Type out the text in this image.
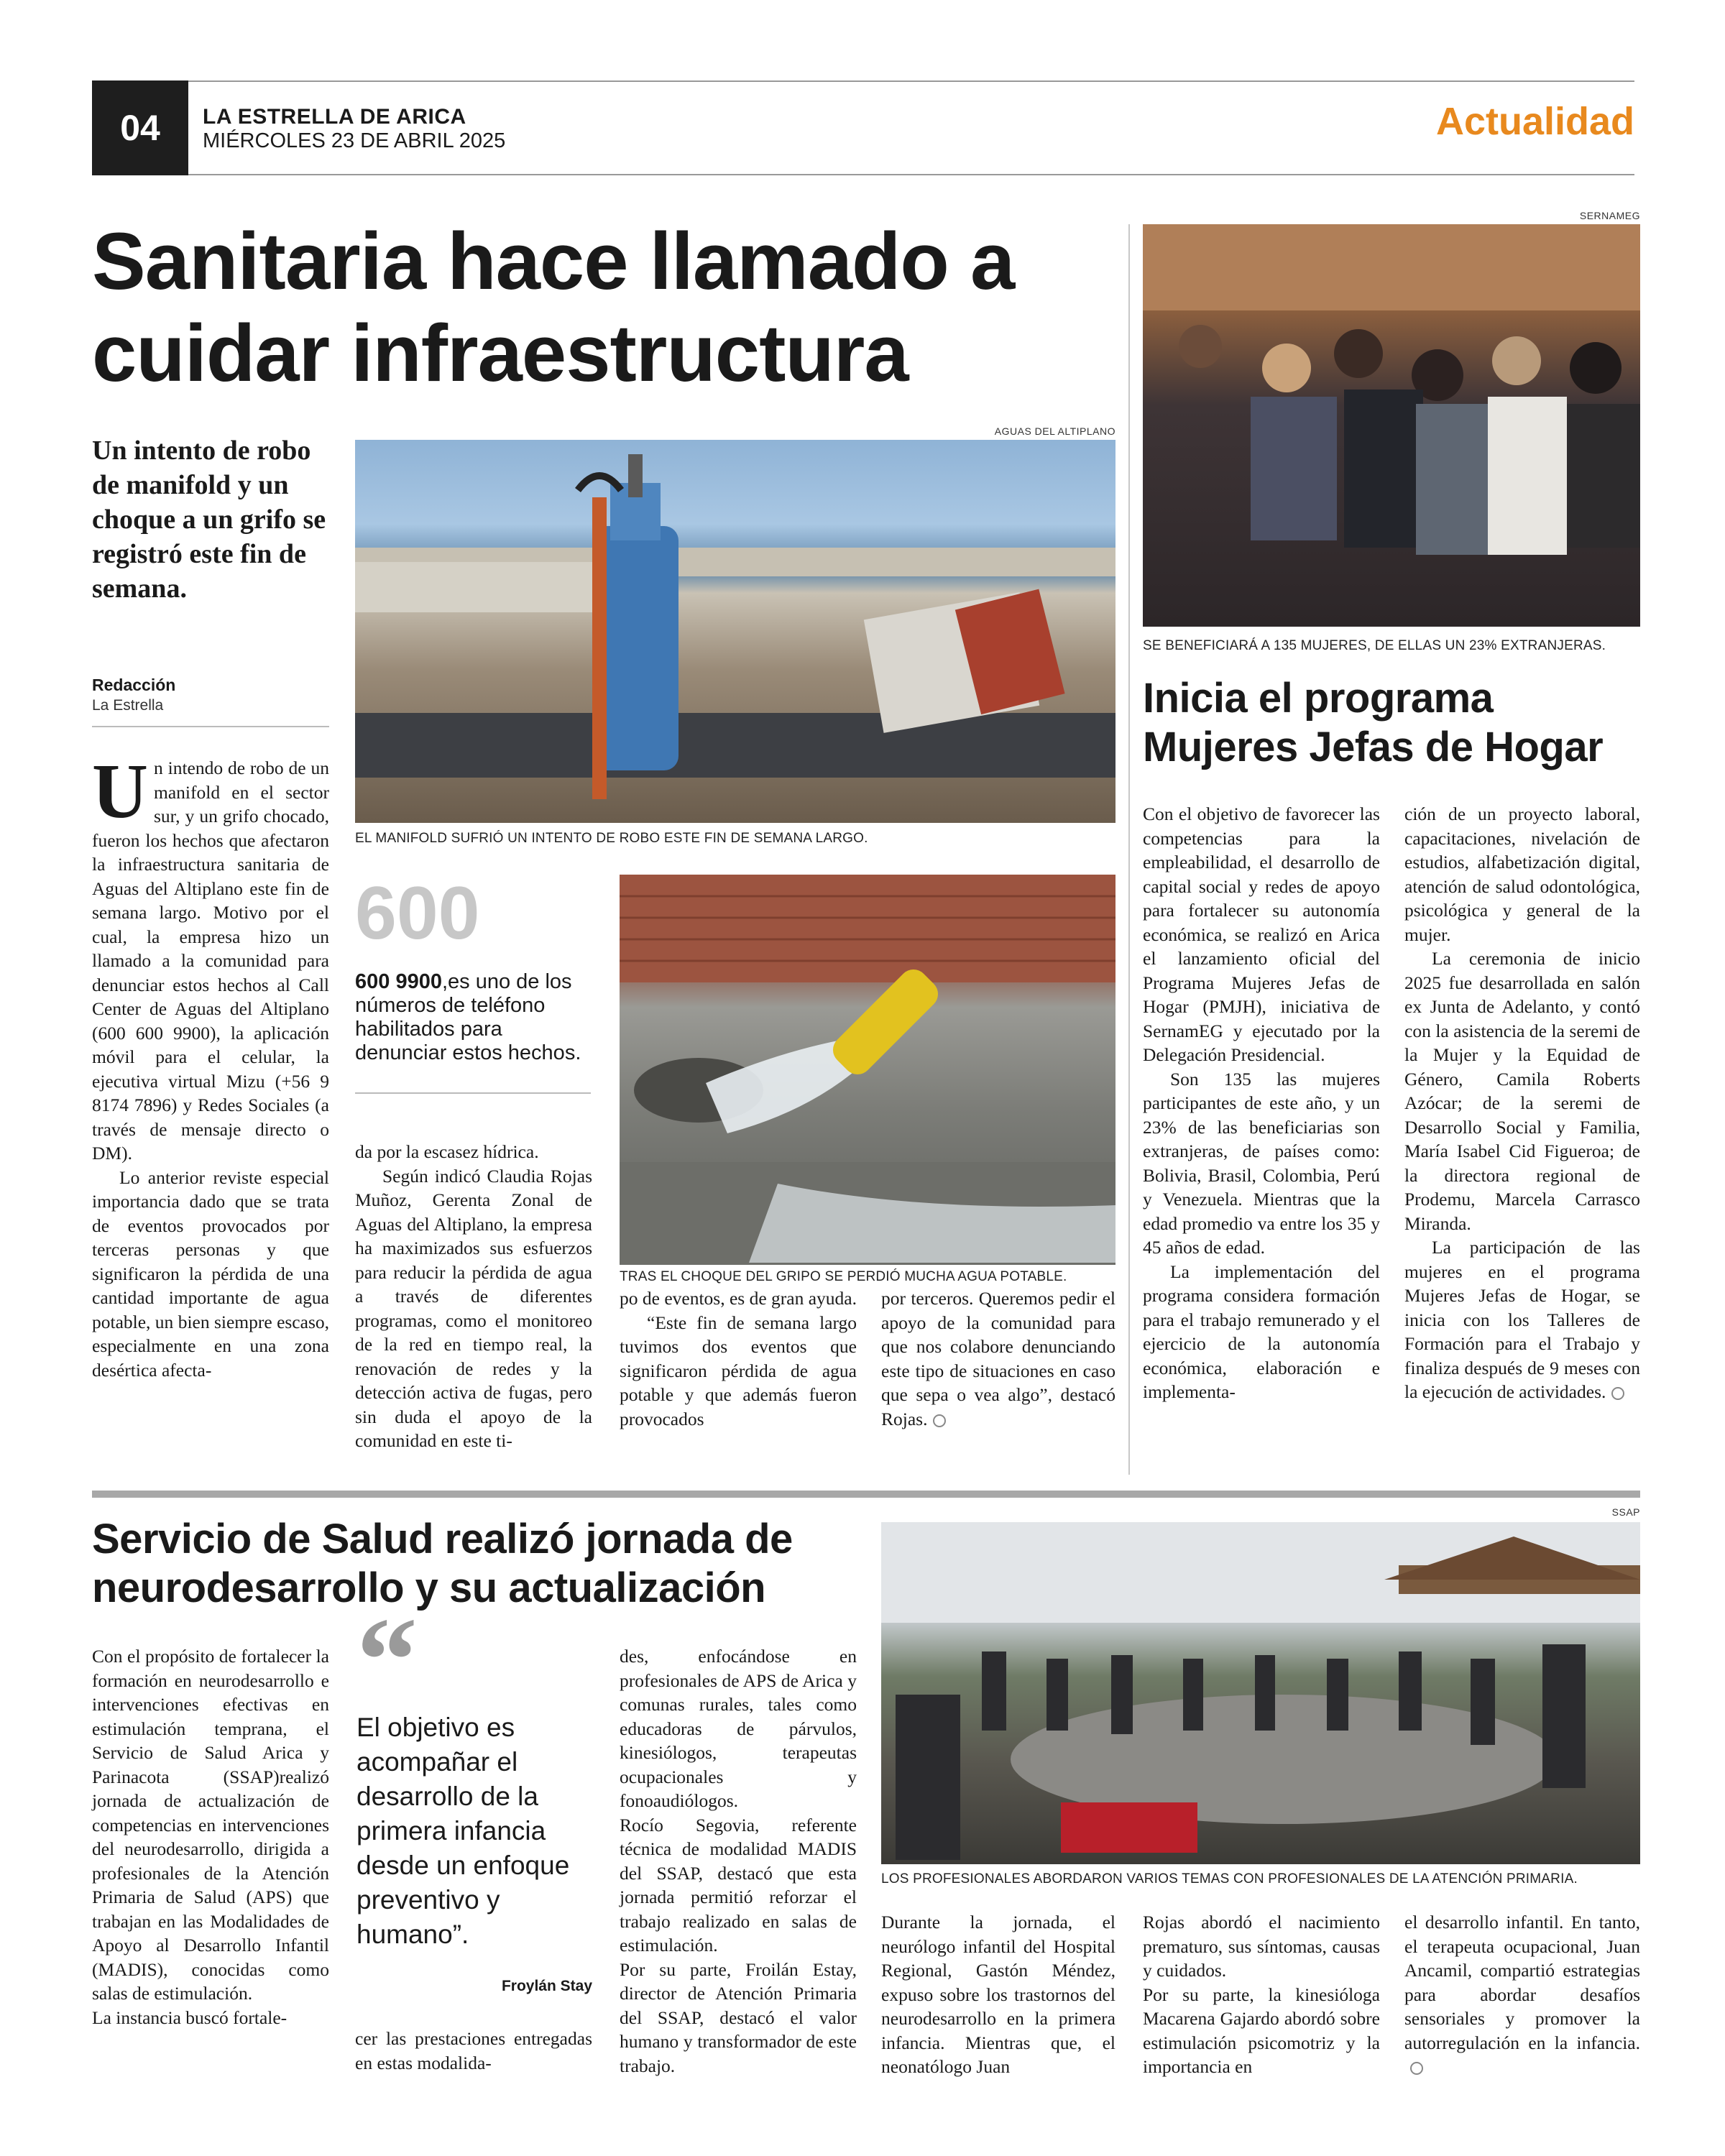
04	LA ESTRELLA DE ARICA
MIÉRCOLES 23 DE ABRIL 2025	Actualidad
Sanitaria hace llamado a cuidar infraestructura
Un intento de robo de manifold y un choque a un grifo se registró este fin de semana.
Redacción
La Estrella
AGUAS DEL ALTIPLANO
EL MANIFOLD SUFRIÓ UN INTENTO DE ROBO ESTE FIN DE SEMANA LARGO.
600
600 9900,es uno de los números de teléfono habilitados para denunciar estos hechos.
TRAS EL CHOQUE DEL GRIPO SE PERDIÓ MUCHA AGUA POTABLE.

Un intendo de robo de un manifold en el sector sur, y un grifo chocado, fueron los hechos que afectaron la infraestructura sanitaria de Aguas del Altiplano este fin de semana largo. Motivo por el cual, la empresa hizo un llamado a la comunidad para denunciar estos hechos al Call Center de Aguas del Altiplano (600 600 9900), la aplicación móvil para el celular, la ejecutiva virtual Mizu (+56 9 8174 7896) y Redes Sociales (a través de mensaje directo o DM).

Lo anterior reviste especial importancia dado que se trata de eventos provocados por terceras personas y que significaron la pérdida de una cantidad importante de agua potable, un bien siempre escaso, especialmente en una zona desértica afecta-

da por la escasez hídrica.

Según indicó Claudia Rojas Muñoz, Gerenta Zonal de Aguas del Altiplano, la empresa ha maximizados sus esfuerzos para reducir la pérdida de agua a través de diferentes programas, como el monitoreo de la red en tiempo real, la renovación de redes y la detección activa de fugas, pero sin duda el apoyo de la comunidad en este ti-

po de eventos, es de gran ayuda.

“Este fin de semana largo tuvimos dos eventos que significaron pérdida de agua potable y que además fueron provocados

por terceros. Queremos pedir el apoyo de la comunidad para que nos colabore denunciando este tipo de situaciones en caso que sepa o vea algo”, destacó Rojas.

SERNAMEG
SE BENEFICIARÁ A 135 MUJERES, DE ELLAS UN 23% EXTRANJERAS.
Inicia el programa Mujeres Jefas de Hogar

Con el objetivo de favorecer las competencias para la empleabilidad, el desarrollo de capital social y redes de apoyo para fortalecer su autonomía económica, se realizó en Arica el lanzamiento oficial del Programa Mujeres Jefas de Hogar (PMJH), iniciativa de SernamEG y ejecutado por la Delegación Presidencial.

Son 135 las mujeres participantes de este año, y un 23% de las beneficiarias son extranjeras, de países como: Bolivia, Brasil, Colombia, Perú y Venezuela. Mientras que la edad promedio va entre los 35 y 45 años de edad.

La implementación del programa considera formación para el trabajo remunerado y el ejercicio de la autonomía económica, elaboración e implementa-

ción de un proyecto laboral, capacitaciones, nivelación de estudios, alfabetización digital, atención de salud odontológica, psicológica y general de la mujer.

La ceremonia de inicio 2025 fue desarrollada en salón ex Junta de Adelanto, y contó con la asistencia de la seremi de la Mujer y la Equidad de Género, Camila Roberts Azócar; de la seremi de Desarrollo Social y Familia, María Isabel Cid Figueroa; de la directora regional de Prodemu, Marcela Carrasco Miranda.

La participación de las mujeres en el programa Mujeres Jefas de Hogar, se inicia con los Talleres de Formación para el Trabajo y finaliza después de 9 meses con la ejecución de actividades.

Servicio de Salud realizó jornada de neurodesarrollo y su actualización
SSAP
LOS PROFESIONALES ABORDARON VARIOS TEMAS CON PROFESIONALES DE LA ATENCIÓN PRIMARIA.
“
El objetivo es acompañar el desarrollo de la primera infancia desde un enfoque preventivo y humano”.
Froylán Stay

Con el propósito de fortalecer la formación en neurodesarrollo e intervenciones efectivas en estimulación temprana, el Servicio de Salud Arica y Parinacota (SSAP)realizó jornada de actualización de competencias en intervenciones del neurodesarrollo, dirigida a profesionales de la Atención Primaria de Salud (APS) que trabajan en las Modalidades de Apoyo al Desarrollo Infantil (MADIS), conocidas como salas de estimulación.

La instancia buscó fortale-

cer las prestaciones entregadas en estas modalida-

des, enfocándose en profesionales de APS de Arica y comunas rurales, tales como educadoras de párvulos, kinesiólogos, terapeutas ocupacionales y fonoaudiólogos.

Rocío Segovia, referente técnica de modalidad MADIS del SSAP, destacó que esta jornada permitió reforzar el trabajo realizado en salas de estimulación.

Por su parte, Froilán Estay, director de Atención Primaria del SSAP, destacó el valor humano y transformador de este trabajo.

Durante la jornada, el neurólogo infantil del Hospital Regional, Gastón Méndez, expuso sobre los trastornos del neurodesarrollo en la primera infancia. Mientras que, el neonatólogo Juan

Rojas abordó el nacimiento prematuro, sus síntomas, causas y cuidados.

Por su parte, la kinesióloga Macarena Gajardo abordó sobre estimulación psicomotriz y la importancia en

el desarrollo infantil. En tanto, el terapeuta ocupacional, Juan Ancamil, compartió estrategias para abordar desafíos sensoriales y promover la autorregulación en la infancia.
